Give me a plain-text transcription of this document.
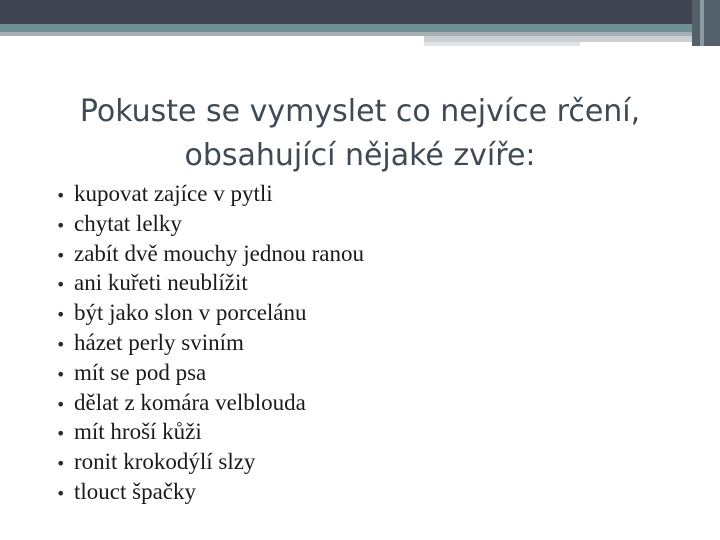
Pokuste se vymyslet co nejvíce rčení,
obsahující nějaké zvíře:
• kupovat zajíce v pytli
• chytat lelky
• zabít dvě mouchy jednou ranou
• ani kuřeti neublížit
• být jako slon v porcelánu
• házet perly sviním
• mít se pod psa
• dělat z komára velblouda
• mít hroší kůži
• ronit krokodýlí slzy
• tlouct špačky
